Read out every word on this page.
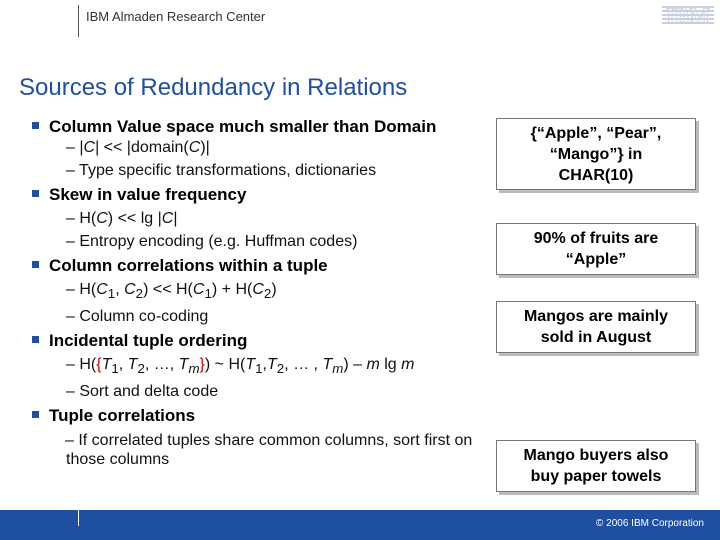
IBM Almaden Research Center	IBM
Sources of Redundancy in Relations
Column Value space much smaller than Domain
– |C| << |domain(C)|
– Type specific transformations, dictionaries
Skew in value frequency
– H(C) << lg |C|
– Entropy encoding (e.g. Huffman codes)
Column correlations within a tuple
– $H(C_1$, $C_2) << H(C_1) + H(C_2)$
– Column co-coding
Incidental tuple ordering
– $H(\{T_1$, $T_2$, …, $T_m$}) ~ $H(T_1,T_2$, … , $T_m$) – m lg m
– Sort and delta code
Tuple correlations
– If correlated tuples share common columns, sort first on those columns
{“Apple”, “Pear”, “Mango”} in CHAR(10)
90% of fruits are “Apple”
Mangos are mainly sold in August
Mango buyers also buy paper towels
© 2006 IBM Corporation
